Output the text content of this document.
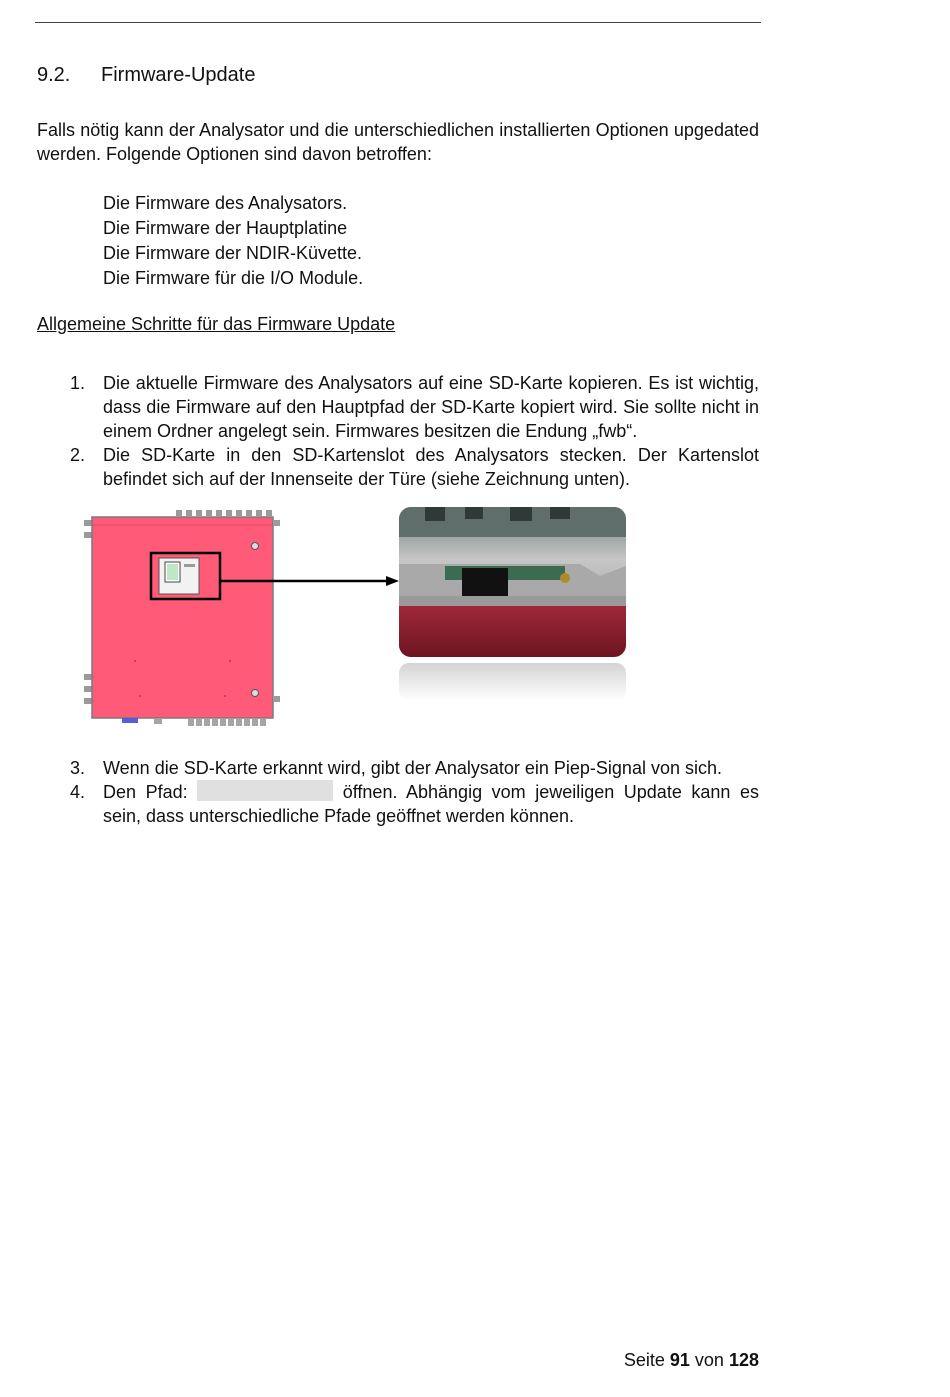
9.2. Firmware-Update
Falls nötig kann der Analysator und die unterschiedlichen installierten Optionen upgedated werden. Folgende Optionen sind davon betroffen:
Die Firmware des Analysators.
Die Firmware der Hauptplatine
Die Firmware der NDIR-Küvette.
Die Firmware für die I/O Module.
Allgemeine Schritte für das Firmware Update
1. Die aktuelle Firmware des Analysators auf eine SD-Karte kopieren. Es ist wichtig, dass die Firmware auf den Hauptpfad der SD-Karte kopiert wird. Sie sollte nicht in einem Ordner angelegt sein. Firmwares besitzen die Endung „fwb“.
2. Die SD-Karte in den SD-Kartenslot des Analysators stecken. Der Kartenslot befindet sich auf der Innenseite der Türe (siehe Zeichnung unten).
3. Wenn die SD-Karte erkannt wird, gibt der Analysator ein Piep-Signal von sich.
4. Den Pfad:	öffnen. Abhängig vom jeweiligen Update kann es sein, dass unterschiedliche Pfade geöffnet werden können.
Seite 91 von 128
